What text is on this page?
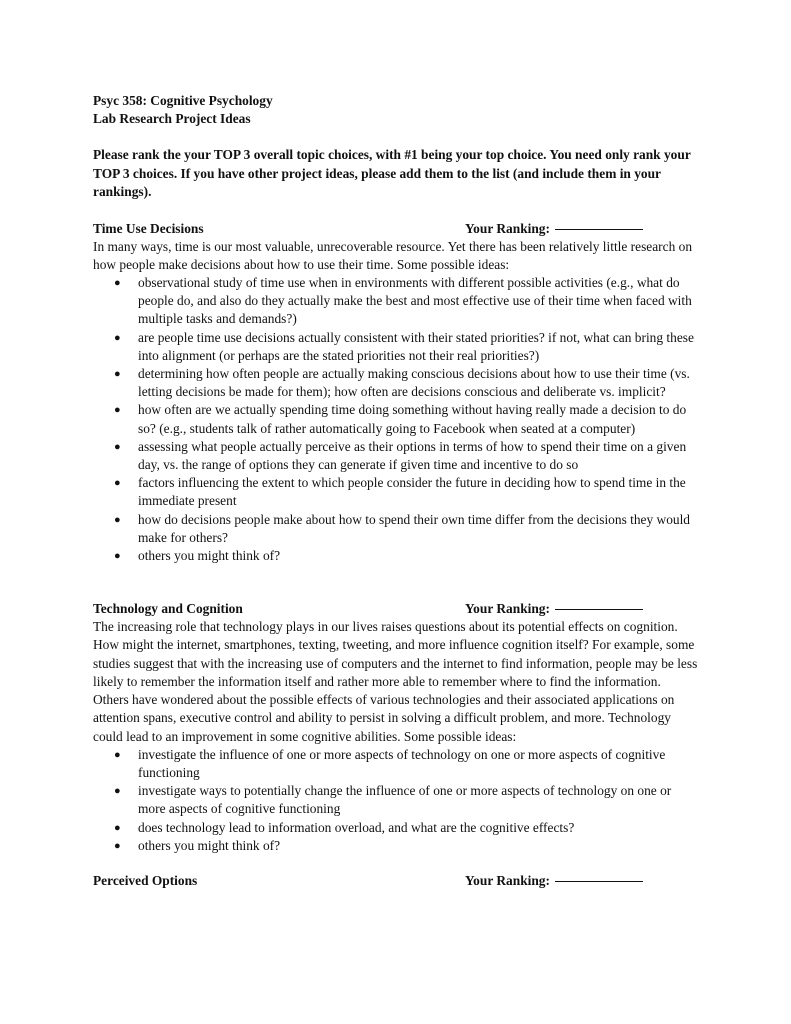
Psyc 358: Cognitive Psychology
Lab Research Project Ideas
Please rank the your TOP 3 overall topic choices, with #1 being your top choice. You need only rank your TOP 3 choices. If you have other project ideas, please add them to the list (and include them in your rankings).
Time Use Decisions	Your Ranking:

In many ways, time is our most valuable, unrecoverable resource. Yet there has been relatively little research on how people make decisions about how to use their time. Some possible ideas:

● observational study of time use when in environments with different possible activities (e.g., what do people do, and also do they actually make the best and most effective use of their time when faced with multiple tasks and demands?)
● are people time use decisions actually consistent with their stated priorities? if not, what can bring these into alignment (or perhaps are the stated priorities not their real priorities?)
● determining how often people are actually making conscious decisions about how to use their time (vs. letting decisions be made for them); how often are decisions conscious and deliberate vs. implicit?
● how often are we actually spending time doing something without having really made a decision to do so? (e.g., students talk of rather automatically going to Facebook when seated at a computer)
● assessing what people actually perceive as their options in terms of how to spend their time on a given day, vs. the range of options they can generate if given time and incentive to do so
● factors influencing the extent to which people consider the future in deciding how to spend time in the immediate present
● how do decisions people make about how to spend their own time differ from the decisions they would make for others?
● others you might think of?
Technology and Cognition	Your Ranking:

The increasing role that technology plays in our lives raises questions about its potential effects on cognition. How might the internet, smartphones, texting, tweeting, and more influence cognition itself? For example, some studies suggest that with the increasing use of computers and the internet to find information, people may be less likely to remember the information itself and rather more able to remember where to find the information. Others have wondered about the possible effects of various technologies and their associated applications on attention spans, executive control and ability to persist in solving a difficult problem, and more. Technology could lead to an improvement in some cognitive abilities. Some possible ideas:

● investigate the influence of one or more aspects of technology on one or more aspects of cognitive functioning
● investigate ways to potentially change the influence of one or more aspects of technology on one or more aspects of cognitive functioning
● does technology lead to information overload, and what are the cognitive effects?
● others you might think of?
Perceived Options	Your Ranking:
